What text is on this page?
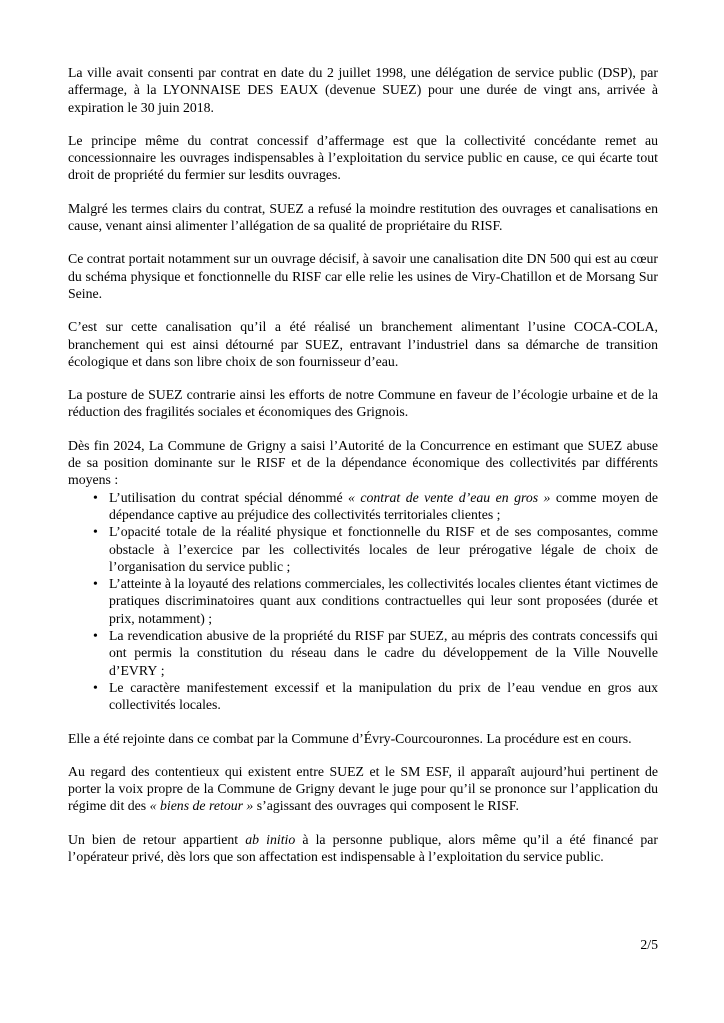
La ville avait consenti par contrat en date du 2 juillet 1998, une délégation de service public (DSP), par affermage, à la LYONNAISE DES EAUX (devenue SUEZ) pour une durée de vingt ans, arrivée à expiration le 30 juin 2018.

Le principe même du contrat concessif d’affermage est que la collectivité concédante remet au concessionnaire les ouvrages indispensables à l’exploitation du service public en cause, ce qui écarte tout droit de propriété du fermier sur lesdits ouvrages.

Malgré les termes clairs du contrat, SUEZ a refusé la moindre restitution des ouvrages et canalisations en cause, venant ainsi alimenter l’allégation de sa qualité de propriétaire du RISF.

Ce contrat portait notamment sur un ouvrage décisif, à savoir une canalisation dite DN 500 qui est au cœur du schéma physique et fonctionnelle du RISF car elle relie les usines de Viry-Chatillon et de Morsang Sur Seine.

C’est sur cette canalisation qu’il a été réalisé un branchement alimentant l’usine COCA-COLA, branchement qui est ainsi détourné par SUEZ, entravant l’industriel dans sa démarche de transition écologique et dans son libre choix de son fournisseur d’eau.

La posture de SUEZ contrarie ainsi les efforts de notre Commune en faveur de l’écologie urbaine et de la réduction des fragilités sociales et économiques des Grignois.

Dès fin 2024, La Commune de Grigny a saisi l’Autorité de la Concurrence en estimant que SUEZ abuse de sa position dominante sur le RISF et de la dépendance économique des collectivités par différents moyens :

• L’utilisation du contrat spécial dénommé « contrat de vente d’eau en gros » comme moyen de dépendance captive au préjudice des collectivités territoriales clientes ;
• L’opacité totale de la réalité physique et fonctionnelle du RISF et de ses composantes, comme obstacle à l’exercice par les collectivités locales de leur prérogative légale de choix de l’organisation du service public ;
• L’atteinte à la loyauté des relations commerciales, les collectivités locales clientes étant victimes de pratiques discriminatoires quant aux conditions contractuelles qui leur sont proposées (durée et prix, notamment) ;
• La revendication abusive de la propriété du RISF par SUEZ, au mépris des contrats concessifs qui ont permis la constitution du réseau dans le cadre du développement de la Ville Nouvelle d’EVRY ;
• Le caractère manifestement excessif et la manipulation du prix de l’eau vendue en gros aux collectivités locales.

Elle a été rejointe dans ce combat par la Commune d’Évry-Courcouronnes. La procédure est en cours.

Au regard des contentieux qui existent entre SUEZ et le SM ESF, il apparaît aujourd’hui pertinent de porter la voix propre de la Commune de Grigny devant le juge pour qu’il se prononce sur l’application du régime dit des « biens de retour » s’agissant des ouvrages qui composent le RISF.

Un bien de retour appartient ab initio à la personne publique, alors même qu’il a été financé par l’opérateur privé, dès lors que son affectation est indispensable à l’exploitation du service public.

2/5
